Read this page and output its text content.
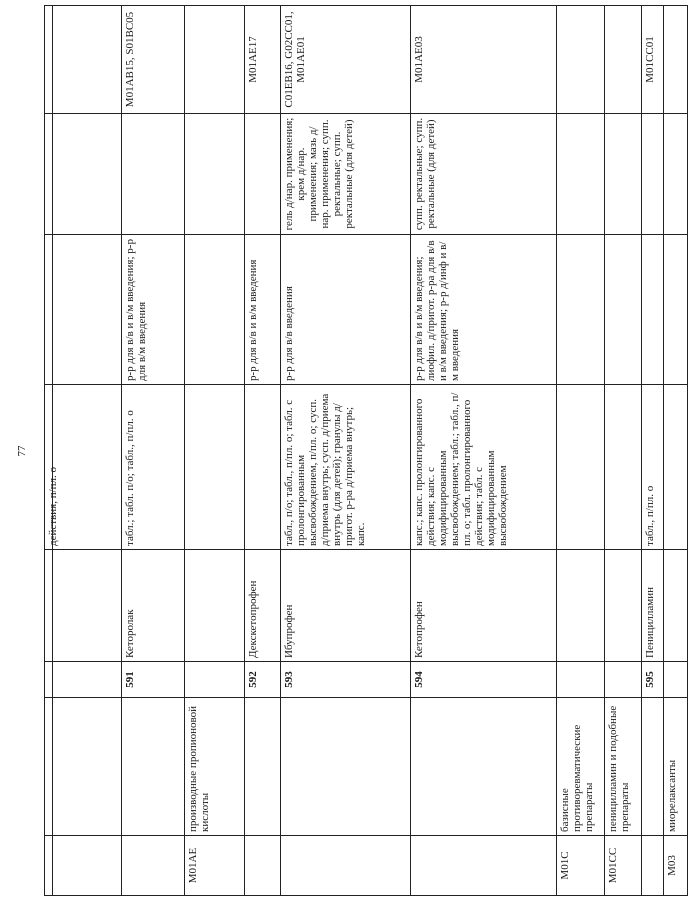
77
				действия, п/пл. о			
		591	Кеторолак	табл.; табл. п/о; табл., п/пл. о	р-р для в/в и в/м введения; р-р для в/м введения		M01AB15, S01BC05
M01AE	производные пропионовой кислоты						
		592	Декскетопрофен		р-р для в/в и в/м введения		M01AE17
		593	Ибупрофен	табл., п/о; табл., п/пл. о; табл. с пролонгированным высвобождением, п/пл. о; сусп. д/приема внутрь; сусп. д/приема внутрь (для детей); гранулы д/пригот. р-ра д/приема внутрь; капс.	р-р для в/в введения	гель д/нар. применения; крем д/нар. применения; мазь д/нар. применения; супп. ректальные; супп. ректальные (для детей)	C01EB16, G02CC01, M01AE01
		594	Кетопрофен	капс.; капс. пролонгированного действия; капс. с модифицированным высвобождением; табл.; табл., п/пл. о; табл. пролонгированного действия; табл. с модифицированным высвобождением	р-р для в/в и в/м введения; лиофил. д/пригот. р-ра для в/в и в/м введения; р-р д/инф и в/м введения	супп. ректальные; супп. ректальные (для детей)	M01AE03
M01C	базисные противоревматические препараты						
M01CC	пеницилламин и подобные препараты						
		595	Пеницилламин	табл., п/пл. о			M01CC01
M03	миорелаксанты						
